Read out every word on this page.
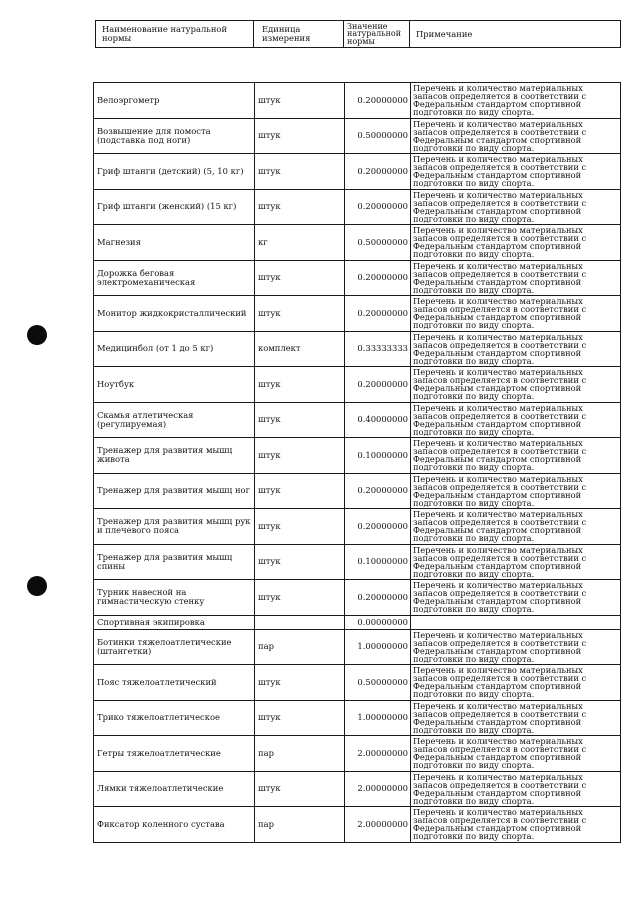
Наименование натуральной нормы	Единица измерения	Значение натуральной нормы	Примечание
Велоэргометр	штук	0.20000000	Перечень и количество материальных запасов определяется в соответствии с Федеральным стандартом спортивной подготовки по виду спорта.
Возвышение для помоста (подставка под ноги)	штук	0.50000000	Перечень и количество материальных запасов определяется в соответствии с Федеральным стандартом спортивной подготовки по виду спорта.
Гриф штанги (детский) (5, 10 кг)	штук	0.20000000	Перечень и количество материальных запасов определяется в соответствии с Федеральным стандартом спортивной подготовки по виду спорта.
Гриф штанги (женский) (15 кг)	штук	0.20000000	Перечень и количество материальных запасов определяется в соответствии с Федеральным стандартом спортивной подготовки по виду спорта.
Магнезия	кг	0.50000000	Перечень и количество материальных запасов определяется в соответствии с Федеральным стандартом спортивной подготовки по виду спорта.
Дорожка беговая электромеханическая	штук	0.20000000	Перечень и количество материальных запасов определяется в соответствии с Федеральным стандартом спортивной подготовки по виду спорта.
Монитор жидкокристаллический	штук	0.20000000	Перечень и количество материальных запасов определяется в соответствии с Федеральным стандартом спортивной подготовки по виду спорта.
Медицинбол (от 1 до 5 кг)	комплект	0.33333333	Перечень и количество материальных запасов определяется в соответствии с Федеральным стандартом спортивной подготовки по виду спорта.
Ноутбук	штук	0.20000000	Перечень и количество материальных запасов определяется в соответствии с Федеральным стандартом спортивной подготовки по виду спорта.
Скамья атлетическая (регулируемая)	штук	0.40000000	Перечень и количество материальных запасов определяется в соответствии с Федеральным стандартом спортивной подготовки по виду спорта.
Тренажер для развития мышц живота	штук	0.10000000	Перечень и количество материальных запасов определяется в соответствии с Федеральным стандартом спортивной подготовки по виду спорта.
Тренажер для развития мышц ног	штук	0.20000000	Перечень и количество материальных запасов определяется в соответствии с Федеральным стандартом спортивной подготовки по виду спорта.
Тренажер для развития мышц рук и плечевого пояса	штук	0.20000000	Перечень и количество материальных запасов определяется в соответствии с Федеральным стандартом спортивной подготовки по виду спорта.
Тренажер для развития мышц спины	штук	0.10000000	Перечень и количество материальных запасов определяется в соответствии с Федеральным стандартом спортивной подготовки по виду спорта.
Турник навесной на гимнастическую стенку	штук	0.20000000	Перечень и количество материальных запасов определяется в соответствии с Федеральным стандартом спортивной подготовки по виду спорта.
Спортивная экипировка		0.00000000	
Ботинки тяжелоатлетические (штангетки)	пар	1.00000000	Перечень и количество материальных запасов определяется в соответствии с Федеральным стандартом спортивной подготовки по виду спорта.
Пояс тяжелоатлетический	штук	0.50000000	Перечень и количество материальных запасов определяется в соответствии с Федеральным стандартом спортивной подготовки по виду спорта.
Трико тяжелоатлетическое	штук	1.00000000	Перечень и количество материальных запасов определяется в соответствии с Федеральным стандартом спортивной подготовки по виду спорта.
Гетры тяжелоатлетические	пар	2.00000000	Перечень и количество материальных запасов определяется в соответствии с Федеральным стандартом спортивной подготовки по виду спорта.
Лямки тяжелоатлетические	штук	2.00000000	Перечень и количество материальных запасов определяется в соответствии с Федеральным стандартом спортивной подготовки по виду спорта.
Фиксатор коленного сустава	пар	2.00000000	Перечень и количество материальных запасов определяется в соответствии с Федеральным стандартом спортивной подготовки по виду спорта.
